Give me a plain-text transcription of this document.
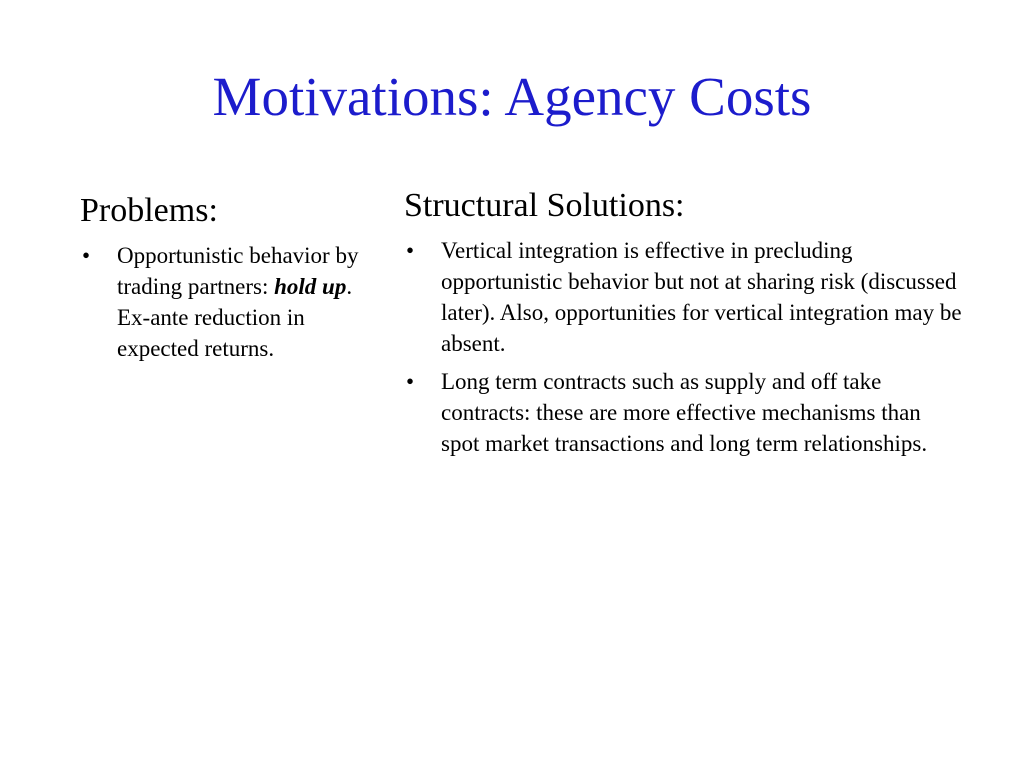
Motivations: Agency Costs
Problems:
• Opportunistic behavior by trading partners: hold up. Ex-ante reduction in expected returns.
Structural Solutions:
• Vertical integration is effective in precluding opportunistic behavior but not at sharing risk (discussed later). Also, opportunities for vertical integration may be absent.
• Long term contracts such as supply and off take contracts: these are more effective mechanisms than spot market transactions and long term relationships.
